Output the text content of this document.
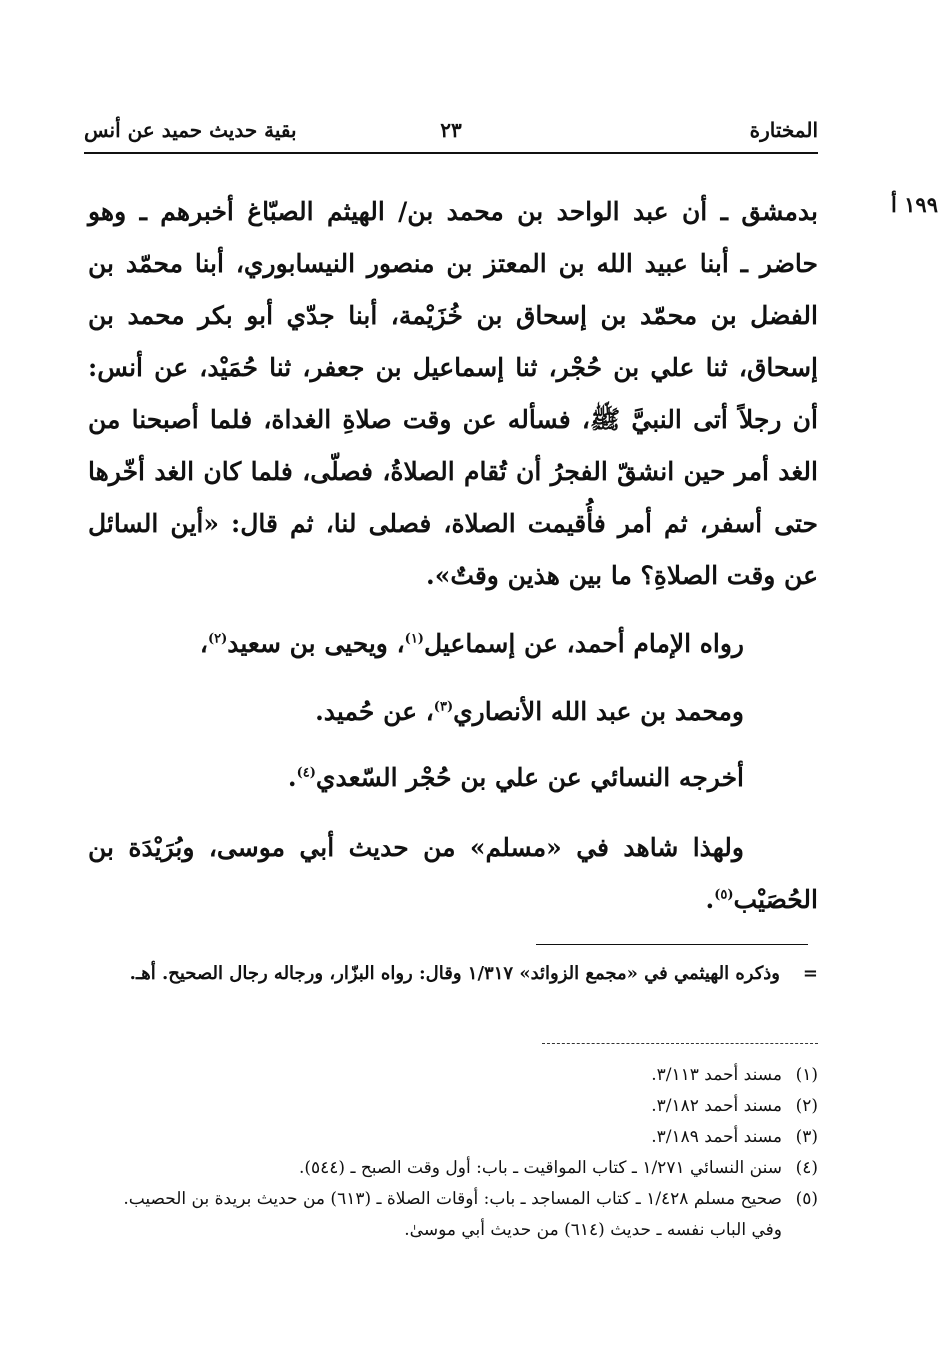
المختارة
٢٣
بقية حديث حميد عن أنس
١٩٩ أ

بدمشق ـ أن عبد الواحد بن محمد بن/ الهيثم الصبّاغ أخبرهم ـ وهو حاضر ـ أبنا عبيد الله بن المعتز بن منصور النيسابوري، أبنا محمّد بن الفضل بن محمّد بن إسحاق بن خُزَيْمة، أبنا جدّي أبو بكر محمد بن إسحاق، ثنا علي بن حُجْر، ثنا إسماعيل بن جعفر، ثنا حُمَيْد، عن أنس: أن رجلاً أتى النبيَّ ﷺ، فسأله عن وقت صلاةِ الغداة، فلما أصبحنا من الغد أمر حين انشقّ الفجرُ أن تُقام الصلاةُ، فصلّى، فلما كان الغد أخّرها حتى أسفر، ثم أمر فأُقيمت الصلاة، فصلى لنا، ثم قال: «أين السائل عن وقت الصلاةِ؟ ما بين هذين وقتٌ».

رواه الإمام أحمد، عن إسماعيل$^{(١)}$، ويحيى بن سعيد$^{(٢)}$،

ومحمد بن عبد الله الأنصاري$^{(٣)}$، عن حُميد.

أخرجه النسائي عن علي بن حُجْر السّعدي$^{(٤)}$.

ولهذا شاهد في «مسلم» من حديث أبي موسى، وبُرَيْدَة بن الحُصَيْب$^{(٥)}$.

=
وذكره الهيثمي في «مجمع الزوائد» ١/٣١٧ وقال: رواه البزّار، ورجاله رجال الصحيح. أهـ.
(١)
مسند أحمد ٣/١١٣.
(٢)
مسند أحمد ٣/١٨٢.
(٣)
مسند أحمد ٣/١٨٩.
(٤)
سنن النسائي ١/٢٧١ ـ كتاب المواقيت ـ باب: أول وقت الصبح ـ (٥٤٤).
(٥)
صحيح مسلم ١/٤٢٨ ـ كتاب المساجد ـ باب: أوقات الصلاة ـ (٦١٣) من حديث بريدة بن الحصيب.
وفي الباب نفسه ـ حديث (٦١٤) من حديث أبي موسىٰ.
